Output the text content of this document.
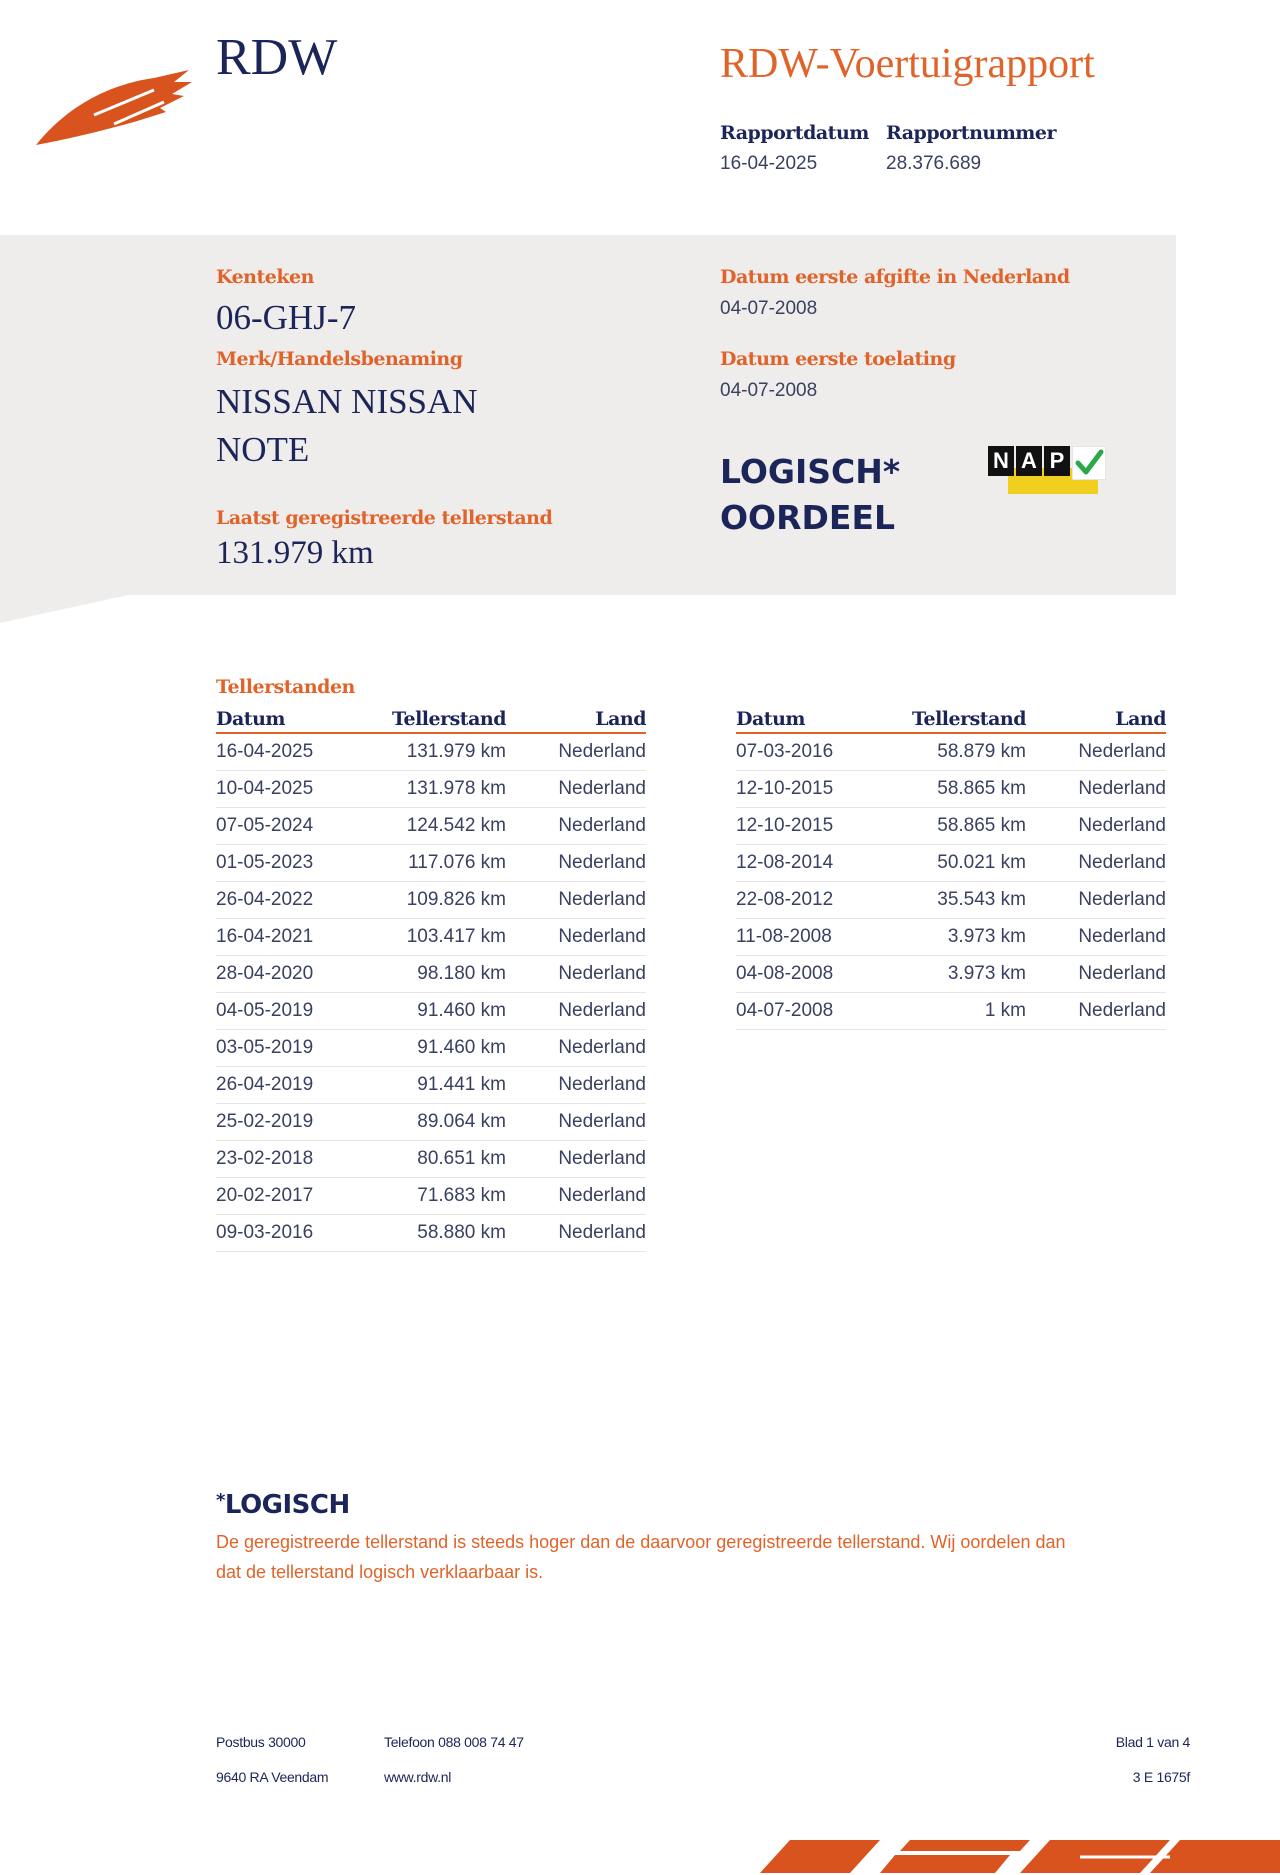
RDW	RDW-Voertuigrapport
Rapportdatum
16-04-2025
Rapportnummer
28.376.689
Kenteken
06-GHJ-7
Merk/Handelsbenaming
NISSAN NISSAN
NOTE
Laatst geregistreerde tellerstand
131.979 km
Datum eerste afgifte in Nederland
04-07-2008
Datum eerste toelating
04-07-2008
LOGISCH*
OORDEEL
N A P
Tellerstanden
Datum	Tellerstand	Land
16-04-2025	131.979 km	Nederland
10-04-2025	131.978 km	Nederland
07-05-2024	124.542 km	Nederland
01-05-2023	117.076 km	Nederland
26-04-2022	109.826 km	Nederland
16-04-2021	103.417 km	Nederland
28-04-2020	98.180 km	Nederland
04-05-2019	91.460 km	Nederland
03-05-2019	91.460 km	Nederland
26-04-2019	91.441 km	Nederland
25-02-2019	89.064 km	Nederland
23-02-2018	80.651 km	Nederland
20-02-2017	71.683 km	Nederland
09-03-2016	58.880 km	Nederland
Datum	Tellerstand	Land
07-03-2016	58.879 km	Nederland
12-10-2015	58.865 km	Nederland
12-10-2015	58.865 km	Nederland
12-08-2014	50.021 km	Nederland
22-08-2012	35.543 km	Nederland
11-08-2008	3.973 km	Nederland
04-08-2008	3.973 km	Nederland
04-07-2008	1 km	Nederland
*LOGISCH
De geregistreerde tellerstand is steeds hoger dan de daarvoor geregistreerde tellerstand. Wij oordelen dan
dat de tellerstand logisch verklaarbaar is.
Postbus 30000
9640 RA Veendam
Telefoon 088 008 74 47
www.rdw.nl
Blad 1 van 4
3 E 1675f
